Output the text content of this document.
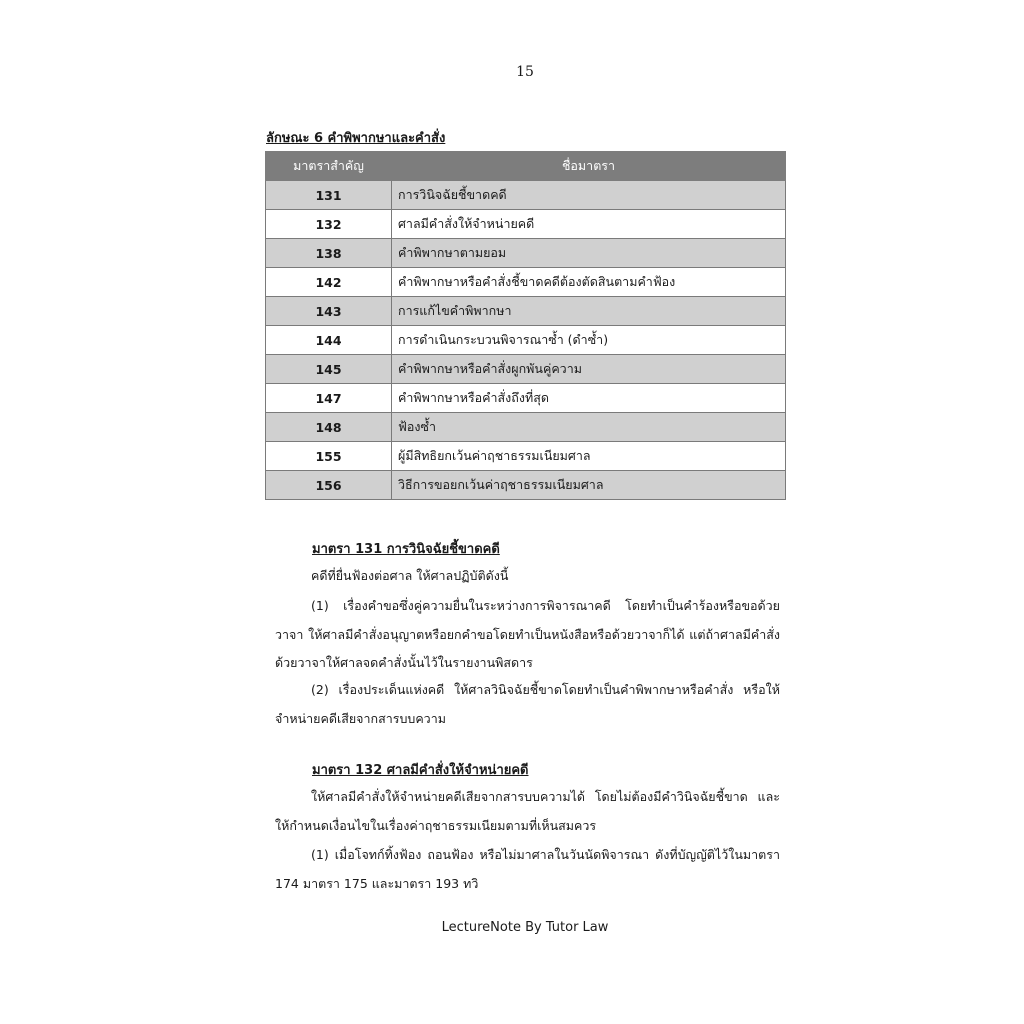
15
ลักษณะ 6 คำพิพากษาและคำสั่ง
มาตราสำคัญ	ชื่อมาตรา
131	การวินิจฉัยชี้ขาดคดี
132	ศาลมีคำสั่งให้จำหน่ายคดี
138	คำพิพากษาตามยอม
142	คำพิพากษาหรือคำสั่งชี้ขาดคดีต้องตัดสินตามคำฟ้อง
143	การแก้ไขคำพิพากษา
144	การดำเนินกระบวนพิจารณาซ้ำ (ดำซ้ำ)
145	คำพิพากษาหรือคำสั่งผูกพันคู่ความ
147	คำพิพากษาหรือคำสั่งถึงที่สุด
148	ฟ้องซ้ำ
155	ผู้มีสิทธิยกเว้นค่าฤชาธรรมเนียมศาล
156	วิธีการขอยกเว้นค่าฤชาธรรมเนียมศาล
มาตรา 131 การวินิจฉัยชี้ขาดคดี

คดีที่ยื่นฟ้องต่อศาล ให้ศาลปฏิบัติดังนี้

(1) เรื่องคำขอซึ่งคู่ความยื่นในระหว่างการพิจารณาคดี โดยทำเป็นคำร้องหรือขอด้วยวาจา ให้ศาลมีคำสั่งอนุญาตหรือยกคำขอโดยทำเป็นหนังสือหรือด้วยวาจาก็ได้ แต่ถ้าศาลมีคำสั่งด้วยวาจาให้ศาลจดคำสั่งนั้นไว้ในรายงานพิสดาร

(2) เรื่องประเด็นแห่งคดี ให้ศาลวินิจฉัยชี้ขาดโดยทำเป็นคำพิพากษาหรือคำสั่ง หรือให้จำหน่ายคดีเสียจากสารบบความ

มาตรา 132 ศาลมีคำสั่งให้จำหน่ายคดี

ให้ศาลมีคำสั่งให้จำหน่ายคดีเสียจากสารบบความได้ โดยไม่ต้องมีคำวินิจฉัยชี้ขาด และให้กำหนดเงื่อนไขในเรื่องค่าฤชาธรรมเนียมตามที่เห็นสมควร

(1) เมื่อโจทก์ทิ้งฟ้อง ถอนฟ้อง หรือไม่มาศาลในวันนัดพิจารณา ดังที่บัญญัติไว้ในมาตรา 174 มาตรา 175 และมาตรา 193 ทวิ

LectureNote By Tutor Law
